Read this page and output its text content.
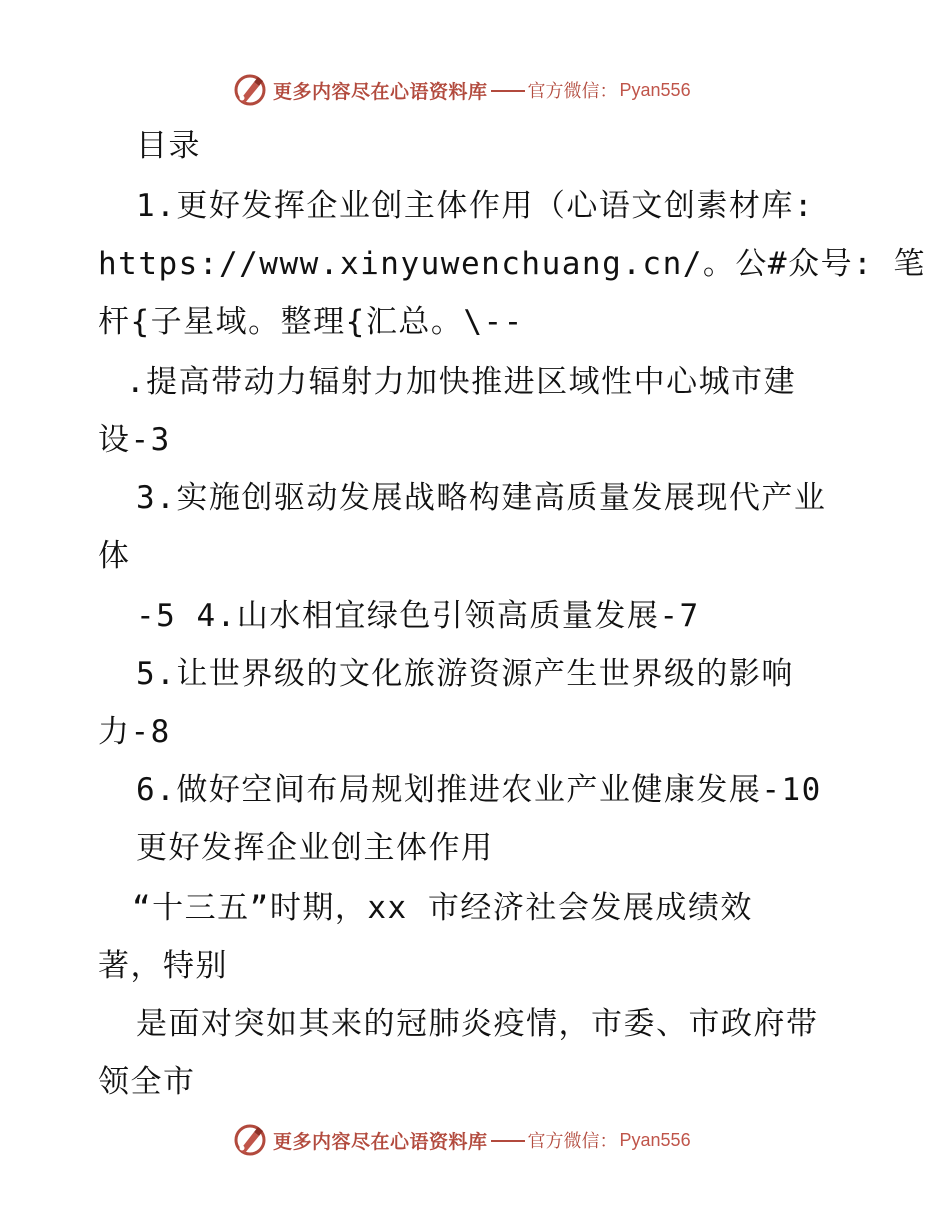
更多内容尽在心语资料库 官方微信： Pyan556
目录
1.更好发挥企业创主体作用（心语文创素材库:
https://www.xinyuwenchuang.cn/。公#众号: 笔
杆{子星域。整理{汇总。\--
.提高带动力辐射力加快推进区域性中心城市建
设-3
3.实施创驱动发展战略构建高质量发展现代产业
体
-5 4.山水相宜绿色引领高质量发展-7
5.让世界级的文化旅游资源产生世界级的影响
力-8
6.做好空间布局规划推进农业产业健康发展-10
更好发挥企业创主体作用
“十三五”时期，xx 市经济社会发展成绩效
著，特别
是面对突如其来的冠肺炎疫情，市委、市政府带
领全市
更多内容尽在心语资料库 官方微信： Pyan556
